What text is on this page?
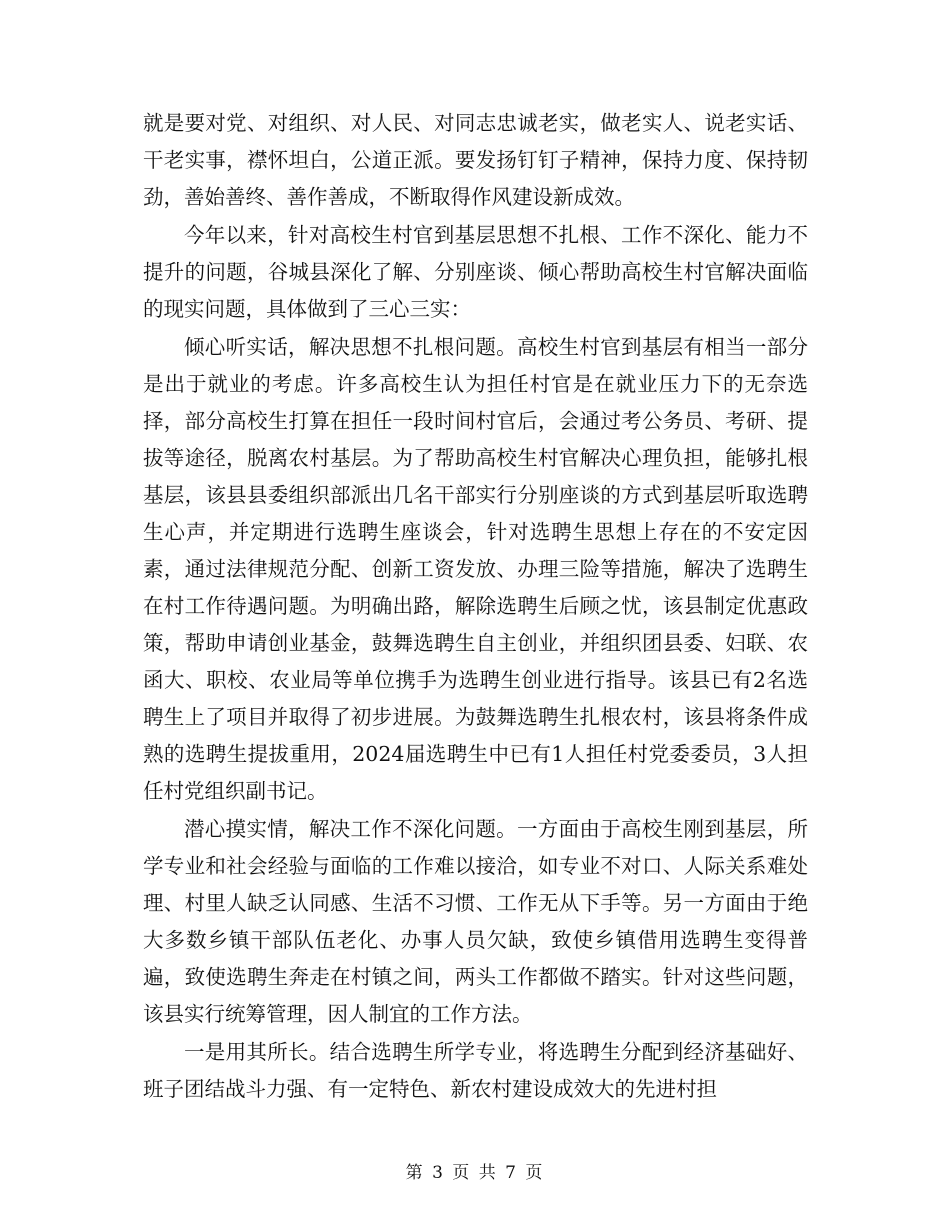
就是要对党、对组织、对人民、对同志忠诚老实，做老实人、说老实话、干老实事，襟怀坦白，公道正派。要发扬钉钉子精神，保持力度、保持韧劲，善始善终、善作善成，不断取得作风建设新成效。

今年以来，针对高校生村官到基层思想不扎根、工作不深化、能力不提升的问题，谷城县深化了解、分别座谈、倾心帮助高校生村官解决面临的现实问题，具体做到了三心三实：

倾心听实话，解决思想不扎根问题。高校生村官到基层有相当一部分是出于就业的考虑。许多高校生认为担任村官是在就业压力下的无奈选择，部分高校生打算在担任一段时间村官后，会通过考公务员、考研、提拔等途径，脱离农村基层。为了帮助高校生村官解决心理负担，能够扎根基层，该县县委组织部派出几名干部实行分别座谈的方式到基层听取选聘生心声，并定期进行选聘生座谈会，针对选聘生思想上存在的不安定因素，通过法律规范分配、创新工资发放、办理三险等措施，解决了选聘生在村工作待遇问题。为明确出路，解除选聘生后顾之忧，该县制定优惠政策，帮助申请创业基金，鼓舞选聘生自主创业，并组织团县委、妇联、农函大、职校、农业局等单位携手为选聘生创业进行指导。该县已有2名选聘生上了项目并取得了初步进展。为鼓舞选聘生扎根农村，该县将条件成熟的选聘生提拔重用，2024届选聘生中已有1人担任村党委委员，3人担任村党组织副书记。

潜心摸实情，解决工作不深化问题。一方面由于高校生刚到基层，所学专业和社会经验与面临的工作难以接洽，如专业不对口、人际关系难处理、村里人缺乏认同感、生活不习惯、工作无从下手等。另一方面由于绝大多数乡镇干部队伍老化、办事人员欠缺，致使乡镇借用选聘生变得普遍，致使选聘生奔走在村镇之间，两头工作都做不踏实。针对这些问题，该县实行统筹管理，因人制宜的工作方法。

一是用其所长。结合选聘生所学专业，将选聘生分配到经济基础好、班子团结战斗力强、有一定特色、新农村建设成效大的先进村担

第 3 页 共 7 页
